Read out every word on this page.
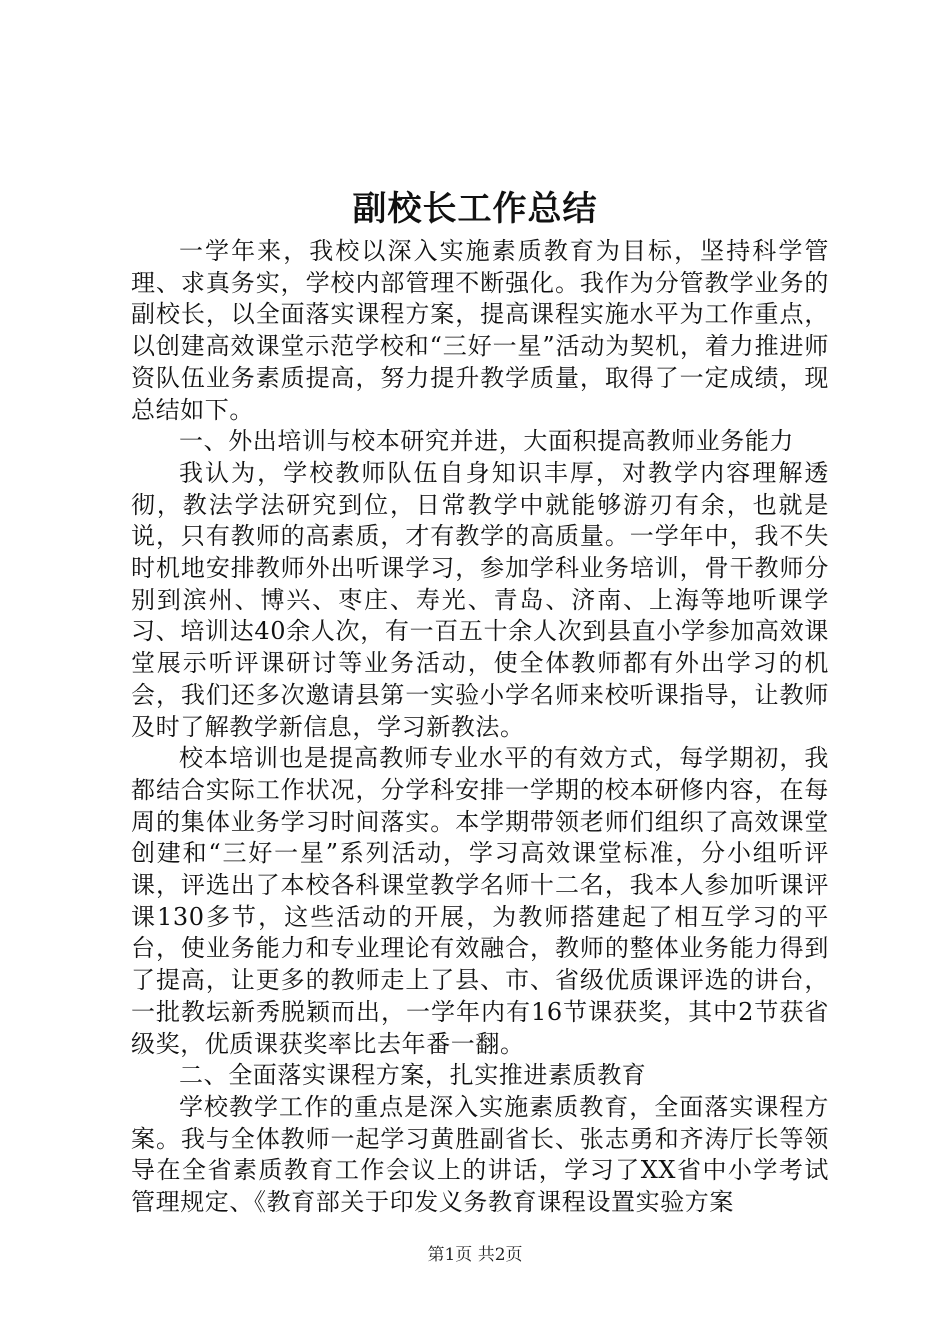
副校长工作总结

一学年来，我校以深入实施素质教育为目标，坚持科学管理、求真务实，学校内部管理不断强化。我作为分管教学业务的副校长，以全面落实课程方案，提高课程实施水平为工作重点，以创建高效课堂示范学校和“三好一星”活动为契机，着力推进师资队伍业务素质提高，努力提升教学质量，取得了一定成绩，现总结如下。

一、外出培训与校本研究并进，大面积提高教师业务能力

我认为，学校教师队伍自身知识丰厚，对教学内容理解透彻，教法学法研究到位，日常教学中就能够游刃有余，也就是说，只有教师的高素质，才有教学的高质量。一学年中，我不失时机地安排教师外出听课学习，参加学科业务培训，骨干教师分别到滨州、博兴、枣庄、寿光、青岛、济南、上海等地听课学习、培训达40余人次，有一百五十余人次到县直小学参加高效课堂展示听评课研讨等业务活动，使全体教师都有外出学习的机会，我们还多次邀请县第一实验小学名师来校听课指导，让教师及时了解教学新信息，学习新教法。

校本培训也是提高教师专业水平的有效方式，每学期初，我都结合实际工作状况，分学科安排一学期的校本研修内容，在每周的集体业务学习时间落实。本学期带领老师们组织了高效课堂创建和“三好一星”系列活动，学习高效课堂标准，分小组听评课，评选出了本校各科课堂教学名师十二名，我本人参加听课评课130多节，这些活动的开展，为教师搭建起了相互学习的平台，使业务能力和专业理论有效融合，教师的整体业务能力得到了提高，让更多的教师走上了县、市、省级优质课评选的讲台，一批教坛新秀脱颖而出，一学年内有16节课获奖，其中2节获省级奖，优质课获奖率比去年番一翻。

二、全面落实课程方案，扎实推进素质教育

学校教学工作的重点是深入实施素质教育，全面落实课程方案。我与全体教师一起学习黄胜副省长、张志勇和齐涛厅长等领导在全省素质教育工作会议上的讲话，学习了XX省中小学考试管理规定、《教育部关于印发义务教育课程设置实验方案

第1页 共2页
